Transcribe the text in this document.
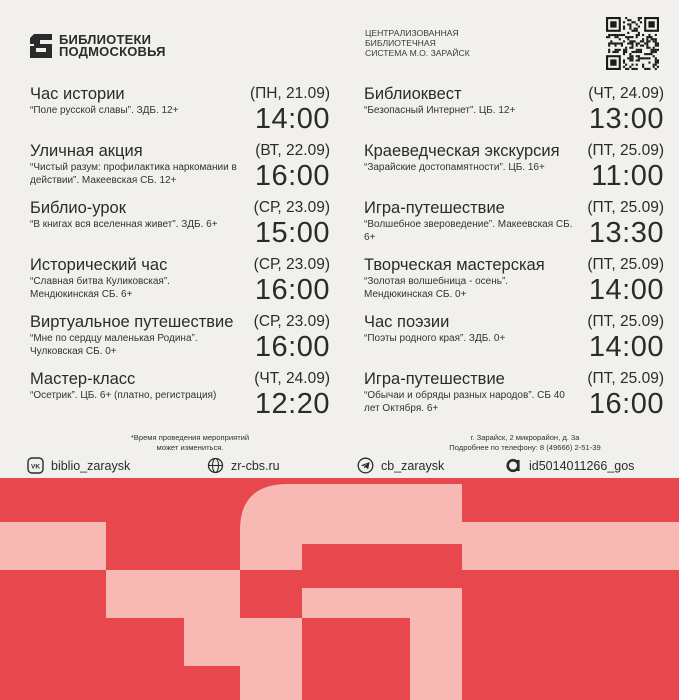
БИБЛИОТЕКИ
ПОДМОСКОВЬЯ
ЦЕНТРАЛИЗОВАННАЯ
БИБЛИОТЕЧНАЯ
СИСТЕМА М.О. ЗАРАЙСК
Час истории	(ПН, 21.09)
“Поле русской славы”. ЗДБ. 12+	14:00
Уличная акция	(ВТ, 22.09)
“Чистый разум: профилактика наркомании в действии”. Макеевская СБ. 12+	16:00
Библио-урок	(СР, 23.09)
“В книгах вся вселенная живет”. ЗДБ. 6+	15:00
Исторический час	(СР, 23.09)
“Славная битва Куликовская”. Мендюкинская СБ. 6+	16:00
Виртуальное путешествие (СР, 23.09)
“Мне по сердцу маленькая Родина”. Чулковская СБ. 0+	16:00
Мастер-класс	(ЧТ, 24.09)
“Осетрик”. ЦБ. 6+ (платно, регистрация)	12:20
Библиоквест	(ЧТ, 24.09)
“Безопасный Интернет”. ЦБ. 12+	13:00
Краеведческая экскурсия (ПТ, 25.09)
“Зарайские достопамятности”. ЦБ. 16+	11:00
Игра-путешествие	(ПТ, 25.09)
“Волшебное звероведение”. Макеевская СБ. 6+	13:30
Творческая мастерская	(ПТ, 25.09)
“Золотая волшебница - осень”. Мендюкинская СБ. 0+	14:00
Час поэзии	(ПТ, 25.09)
“Поэты родного края”. ЗДБ. 0+	14:00
Игра-путешествие	(ПТ, 25.09)
“Обычаи и обряды разных народов”. СБ 40 лет Октября. 6+	16:00
*Время проведения мероприятий
может измениться.
г. Зарайск, 2 микрорайон, д. 3а
Подробнее по телефону: 8 (49666) 2-51-39
VK biblio_zaraysk	zr-cbs.ru	cb_zaraysk	id5014011266_gos
